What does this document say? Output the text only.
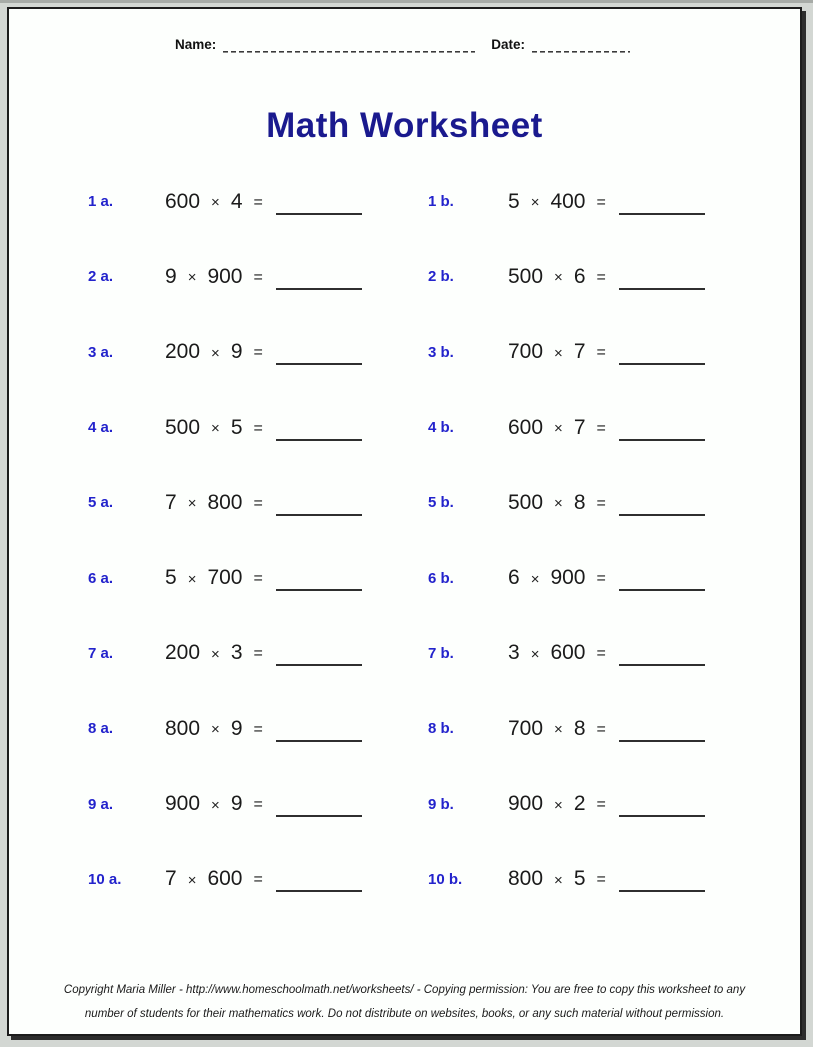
Name:	Date:
Math Worksheet
1 a.	600 × 4 =	1 b.	5 × 400 =
2 a.	9 × 900 =	2 b.	500 × 6 =
3 a.	200 × 9 =	3 b.	700 × 7 =
4 a.	500 × 5 =	4 b.	600 × 7 =
5 a.	7 × 800 =	5 b.	500 × 8 =
6 a.	5 × 700 =	6 b.	6 × 900 =
7 a.	200 × 3 =	7 b.	3 × 600 =
8 a.	800 × 9 =	8 b.	700 × 8 =
9 a.	900 × 9 =	9 b.	900 × 2 =
10 a.	7 × 600 =	10 b.	800 × 5 =
Copyright Maria Miller - http://www.homeschoolmath.net/worksheets/ - Copying permission: You are free to copy this worksheet to any
number of students for their mathematics work. Do not distribute on websites, books, or any such material without permission.
